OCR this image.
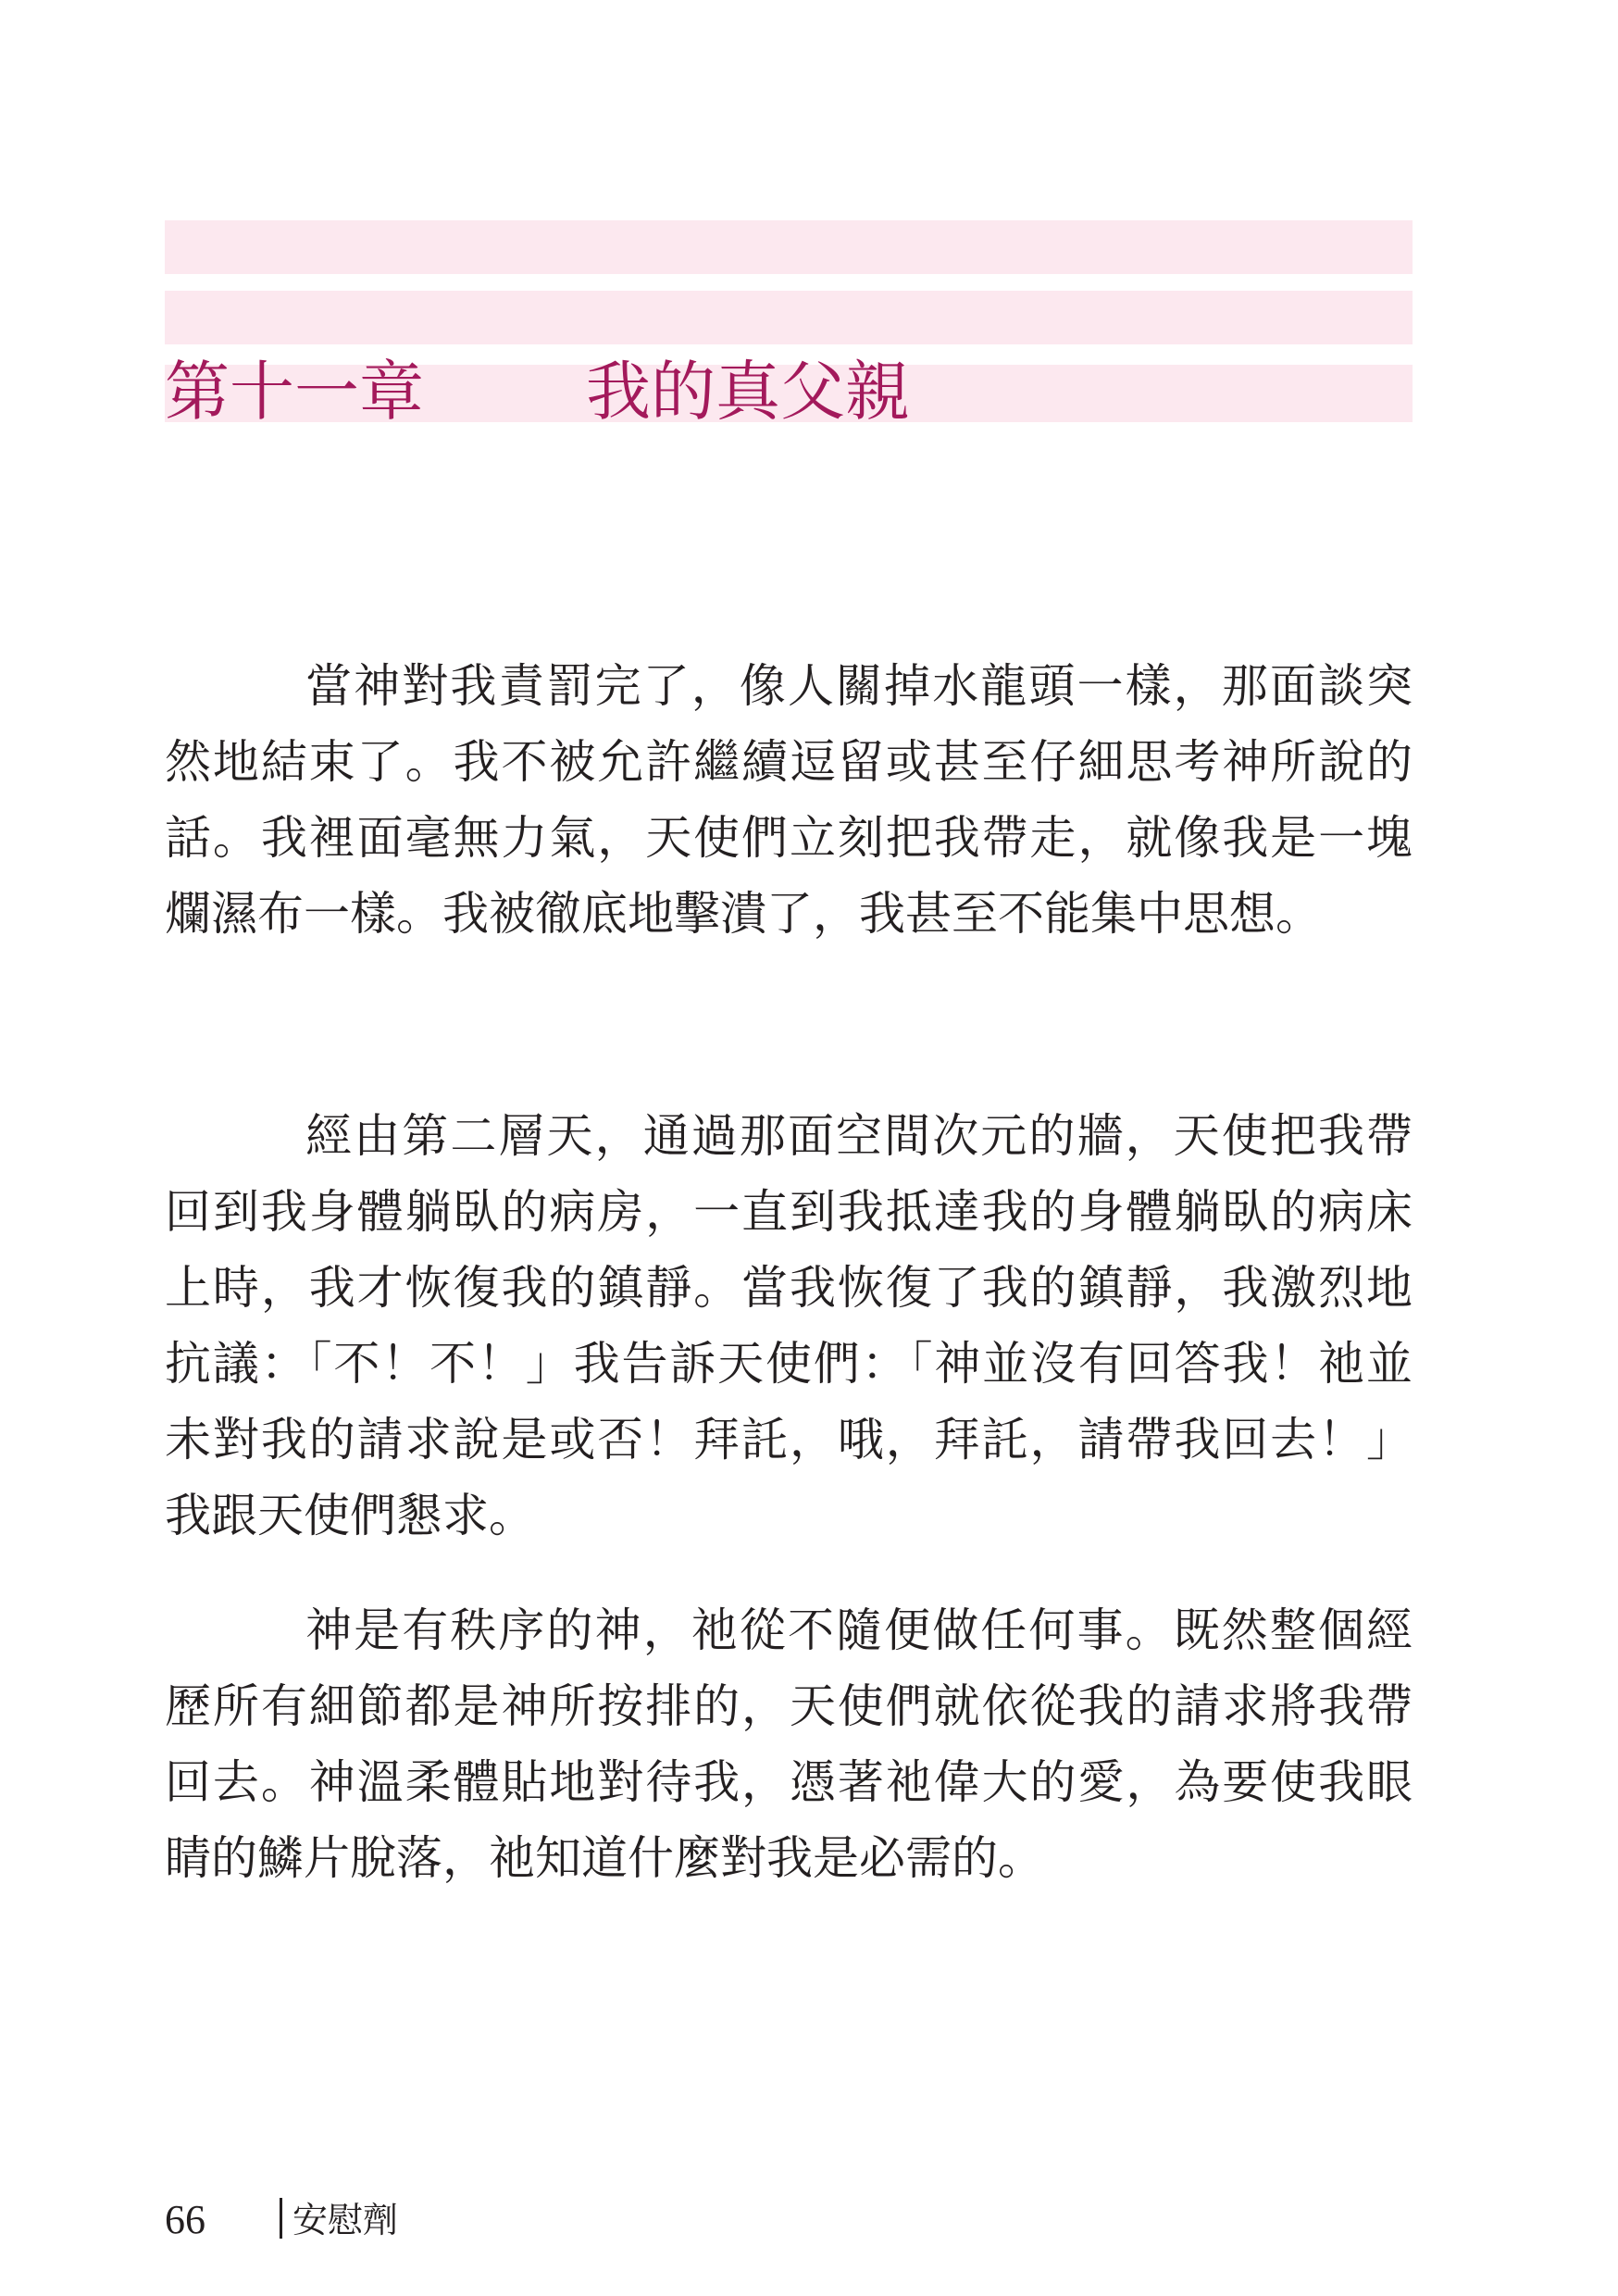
第十一章	我的真父親

當神對我責罰完了，像人關掉水龍頭一樣，那面談突然地結束了。我不被允許繼續逗留或甚至仔細思考神所說的話。我裡面毫無力氣，天使們立刻把我帶走，就像我是一塊爛濕布一樣。我被徹底地擊潰了，我甚至不能集中思想。

經由第二層天，通過那面空間次元的牆，天使把我帶回到我身體躺臥的病房，一直到我抵達我的身體躺臥的病床上時，我才恢復我的鎮靜。當我恢復了我的鎮靜，我激烈地抗議：「不！不！」我告訴天使們：「神並沒有回答我！祂並未對我的請求說是或否！拜託，哦，拜託，請帶我回去！」我跟天使們懇求。

神是有秩序的神，祂從不隨便做任何事。既然整個經歷所有細節都是神所按排的，天使們就依從我的請求將我帶回去。神溫柔體貼地對待我，憑著祂偉大的愛，為要使我眼睛的鱗片脫落，祂知道什麼對我是必需的。

66 安慰劑
